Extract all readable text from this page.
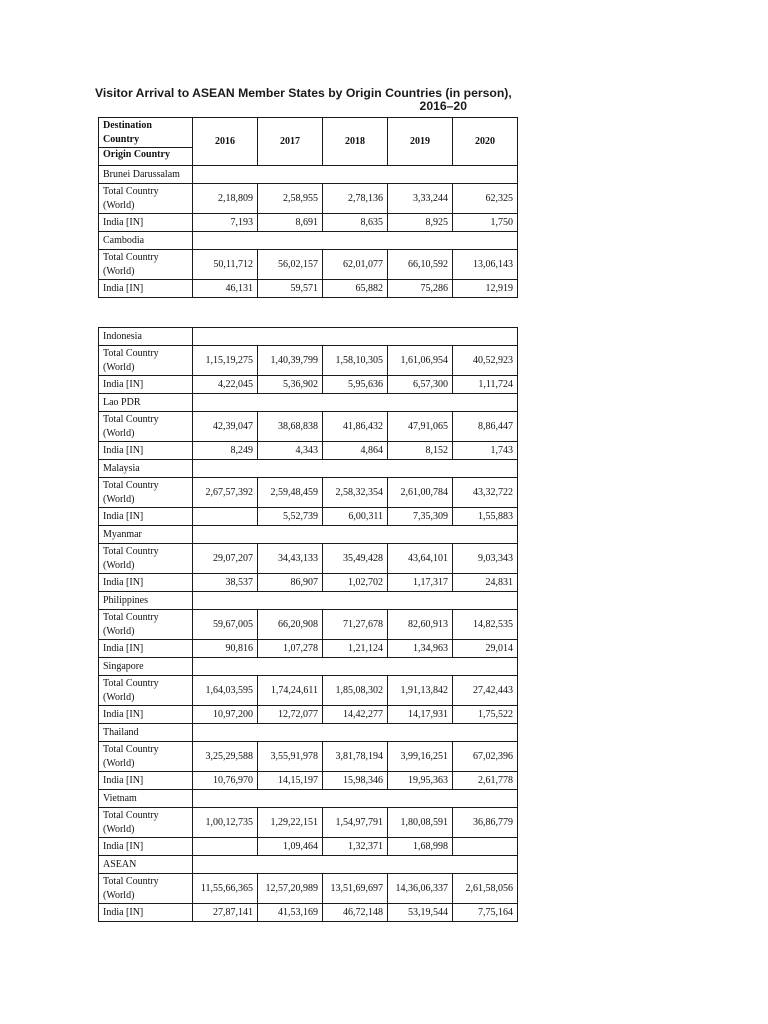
Visitor Arrival to ASEAN Member States by Origin Countries (in person),
2016–20
Destination Country
Origin Country	2016	2017	2018	2019	2020

Brunei Darussalam					
Total Country (World)	2,18,809	2,58,955	2,78,136	3,33,244	62,325
India [IN]	7,193	8,691	8,635	8,925	1,750
Cambodia					
Total Country (World)	50,11,712	56,02,157	62,01,077	66,10,592	13,06,143
India [IN]	46,131	59,571	65,882	75,286	12,919
Indonesia					
Total Country (World)	1,15,19,275	1,40,39,799	1,58,10,305	1,61,06,954	40,52,923
India [IN]	4,22,045	5,36,902	5,95,636	6,57,300	1,11,724
Lao PDR					
Total Country (World)	42,39,047	38,68,838	41,86,432	47,91,065	8,86,447
India [IN]	8,249	4,343	4,864	8,152	1,743
Malaysia					
Total Country (World)	2,67,57,392	2,59,48,459	2,58,32,354	2,61,00,784	43,32,722
India [IN]		5,52,739	6,00,311	7,35,309	1,55,883
Myanmar					
Total Country (World)	29,07,207	34,43,133	35,49,428	43,64,101	9,03,343
India [IN]	38,537	86,907	1,02,702	1,17,317	24,831
Philippines					
Total Country (World)	59,67,005	66,20,908	71,27,678	82,60,913	14,82,535
India [IN]	90,816	1,07,278	1,21,124	1,34,963	29,014
Singapore					
Total Country (World)	1,64,03,595	1,74,24,611	1,85,08,302	1,91,13,842	27,42,443
India [IN]	10,97,200	12,72,077	14,42,277	14,17,931	1,75,522
Thailand					
Total Country (World)	3,25,29,588	3,55,91,978	3,81,78,194	3,99,16,251	67,02,396
India [IN]	10,76,970	14,15,197	15,98,346	19,95,363	2,61,778
Vietnam					
Total Country (World)	1,00,12,735	1,29,22,151	1,54,97,791	1,80,08,591	36,86,779
India [IN]		1,09,464	1,32,371	1,68,998	
ASEAN					
Total Country (World)	11,55,66,365	12,57,20,989	13,51,69,697	14,36,06,337	2,61,58,056
India [IN]	27,87,141	41,53,169	46,72,148	53,19,544	7,75,164
